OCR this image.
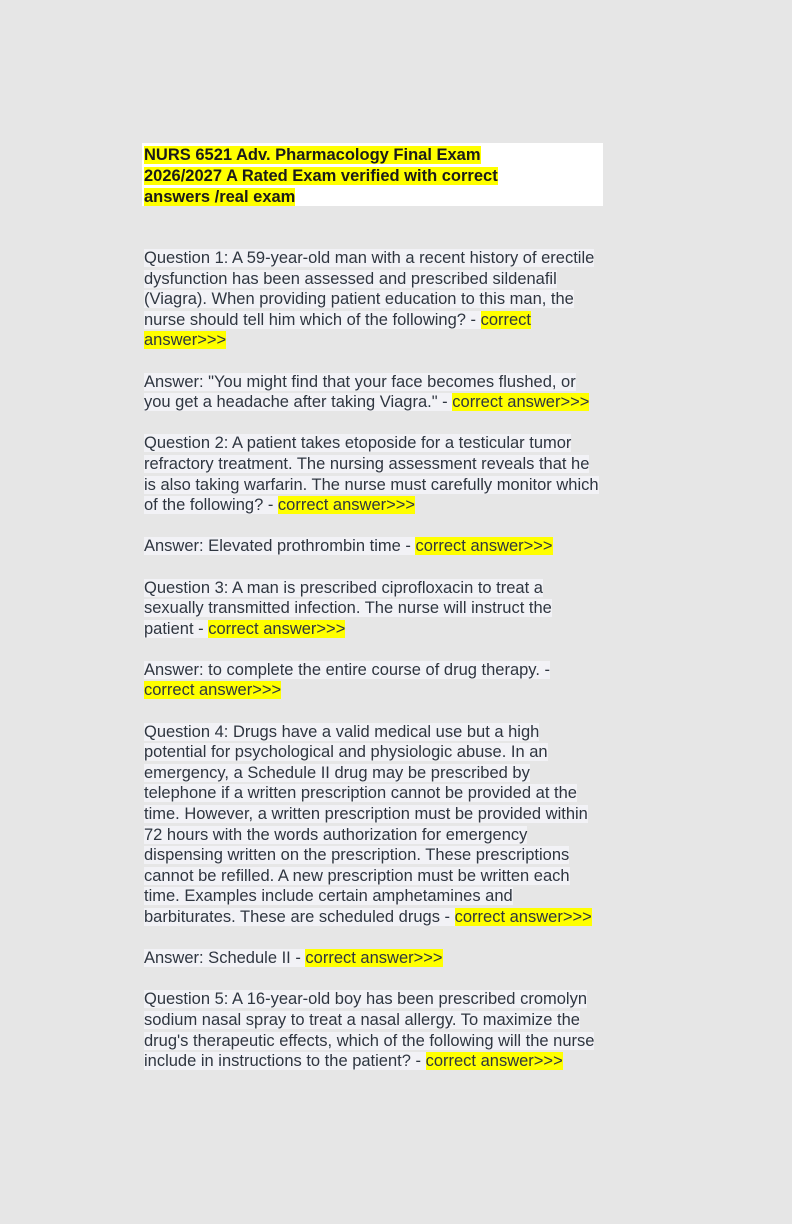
NURS 6521 Adv. Pharmacology Final Exam
2026/2027 A Rated Exam verified with correct
answers /real exam
Question 1: A 59-year-old man with a recent history of erectile
dysfunction has been assessed and prescribed sildenafil
(Viagra). When providing patient education to this man, the
nurse should tell him which of the following? - correct
answer>>>
Answer: "You might find that your face becomes flushed, or
you get a headache after taking Viagra." - correct answer>>>
Question 2: A patient takes etoposide for a testicular tumor
refractory treatment. The nursing assessment reveals that he
is also taking warfarin. The nurse must carefully monitor which
of the following? - correct answer>>>
Answer: Elevated prothrombin time - correct answer>>>
Question 3: A man is prescribed ciprofloxacin to treat a
sexually transmitted infection. The nurse will instruct the
patient - correct answer>>>
Answer: to complete the entire course of drug therapy. -
correct answer>>>
Question 4: Drugs have a valid medical use but a high
potential for psychological and physiologic abuse. In an
emergency, a Schedule II drug may be prescribed by
telephone if a written prescription cannot be provided at the
time. However, a written prescription must be provided within
72 hours with the words authorization for emergency
dispensing written on the prescription. These prescriptions
cannot be refilled. A new prescription must be written each
time. Examples include certain amphetamines and
barbiturates. These are scheduled drugs - correct answer>>>
Answer: Schedule II - correct answer>>>
Question 5: A 16-year-old boy has been prescribed cromolyn
sodium nasal spray to treat a nasal allergy. To maximize the
drug's therapeutic effects, which of the following will the nurse
include in instructions to the patient? - correct answer>>>
